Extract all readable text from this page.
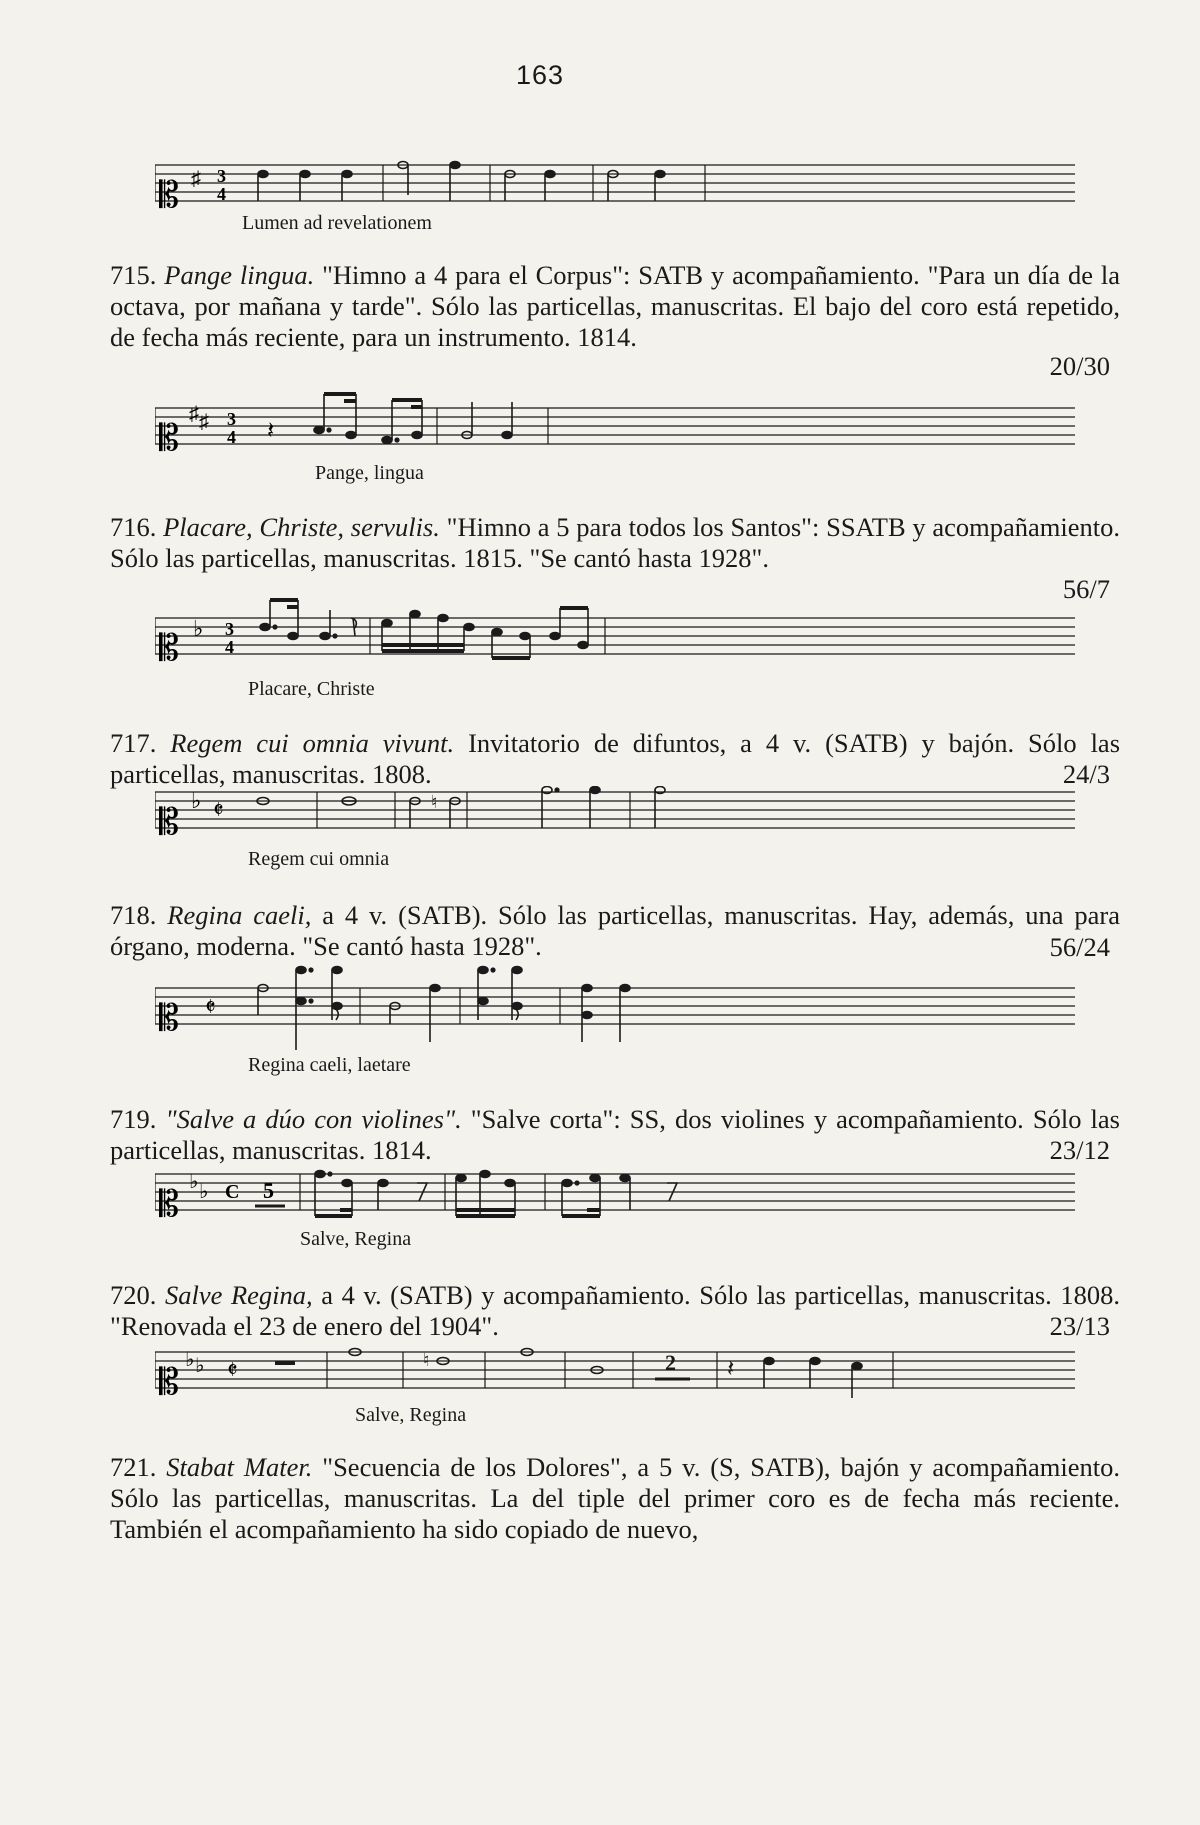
163
𝄡 ♯ 3
4
Lumen ad revelationem
715. Pange lingua. "Himno a 4 para el Corpus": SATB y acompañamiento. "Para un día de la octava, por mañana y tarde". Sólo las particellas, manuscritas. El bajo del coro está repetido, de fecha más reciente, para un instrumento. 1814.
20/30
𝄡
♯ ♯ 3
4 𝄽
Pange, lingua
716. Placare, Christe, servulis. "Himno a 5 para todos los Santos": SSATB y acompañamiento. Sólo las particellas, manuscritas. 1815. "Se cantó hasta 1928".
56/7
𝄡 ♭ 3
4
Placare, Christe
717. Regem cui omnia vivunt. Invitatorio de difuntos, a 4 v. (SATB) y bajón. Sólo las particellas, manuscritas. 1808.	24/3
𝄡
♭ 𝄵	♮
Regem cui omnia
718. Regina caeli, a 4 v. (SATB). Sólo las particellas, manuscritas. Hay, además, una para órgano, moderna. "Se cantó hasta 1928".	56/24
𝄡 𝄵
Regina caeli, laetare
719. "Salve a dúo con violines". "Salve corta": SS, dos violines y acompañamiento. Sólo las particellas, manuscritas. 1814.	23/12
𝄡
♭ ♭ C 5
Salve, Regina
720. Salve Regina, a 4 v. (SATB) y acompañamiento. Sólo las particellas, manuscritas. 1808. "Renovada el 23 de enero del 1904".	23/13
𝄡
♭ ♭ 𝄵	♮	2 𝄽
Salve, Regina
721. Stabat Mater. "Secuencia de los Dolores", a 5 v. (S, SATB), bajón y acompañamiento. Sólo las particellas, manuscritas. La del tiple del primer coro es de fecha más reciente. También el acompañamiento ha sido copiado de nuevo,
